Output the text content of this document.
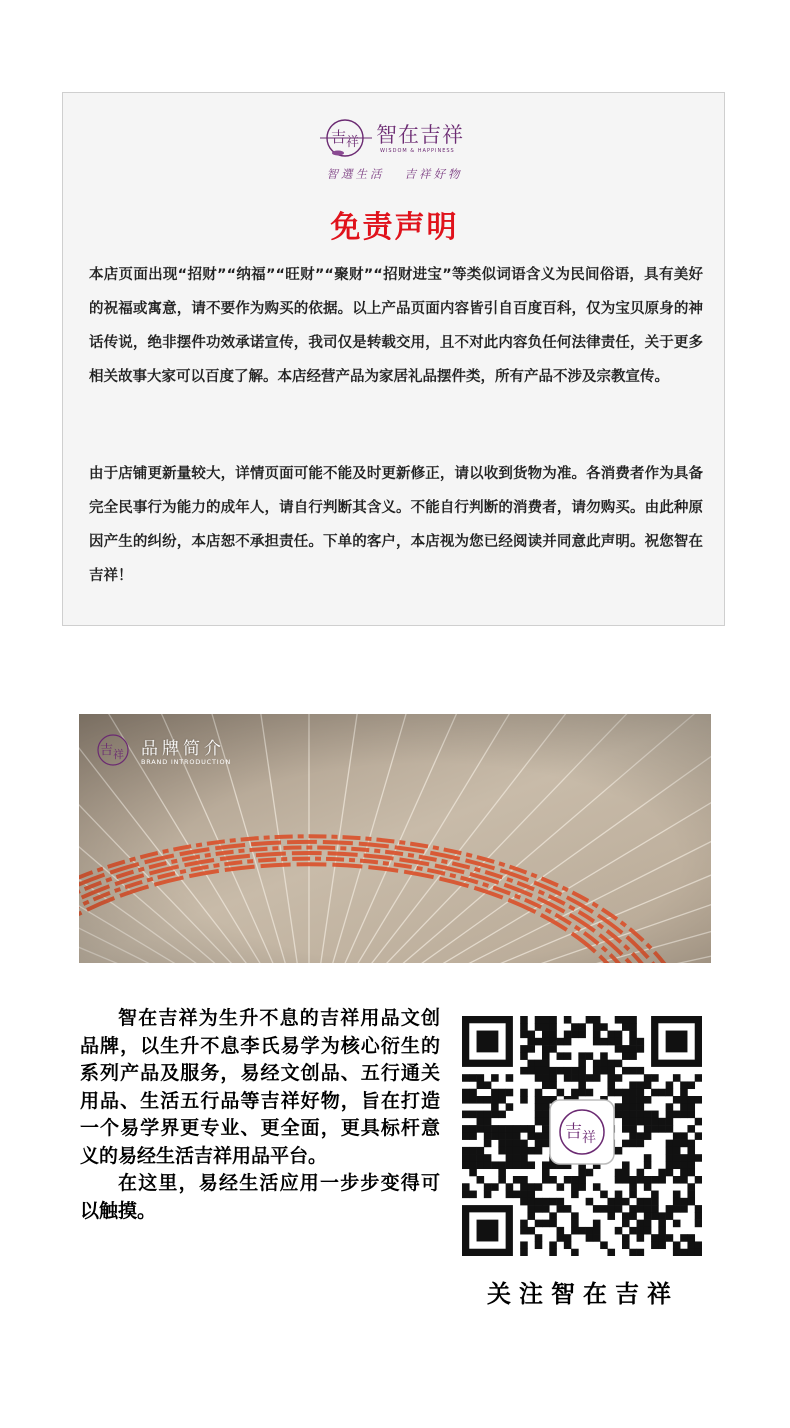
吉 祥 智在吉祥
WISDOM & HAPPINESS
智選生活   吉祥好物
免责声明

本店页面出现“招财”“纳福”“旺财”“聚财”“招财进宝”等类似词语含义为民间俗语，具有美好的祝福或寓意，请不要作为购买的依据。以上产品页面内容皆引自百度百科，仅为宝贝原身的神话传说，绝非摆件功效承诺宣传，我司仅是转载交用，且不对此内容负任何法律责任，关于更多相关故事大家可以百度了解。本店经营产品为家居礼品摆件类，所有产品不涉及宗教宣传。

由于店铺更新量较大，详情页面可能不能及时更新修正，请以收到货物为准。各消费者作为具备完全民事行为能力的成年人，请自行判断其含义。不能自行判断的消费者，请勿购买。由此种原因产生的纠纷，本店恕不承担责任。下单的客户，本店视为您已经阅读并同意此声明。祝您智在吉祥！

吉 祥 品牌简介
BRAND INTRODUCTION

智在吉祥为生升不息的吉祥用品文创品牌，以生升不息李氏易学为核心衍生的系列产品及服务，易经文创品、五行通关用品、生活五行品等吉祥好物，旨在打造一个易学界更专业、更全面，更具标杆意义的易经生活吉祥用品平台。

在这里，易经生活应用一步步变得可以触摸。

吉 祥
关注智在吉祥
